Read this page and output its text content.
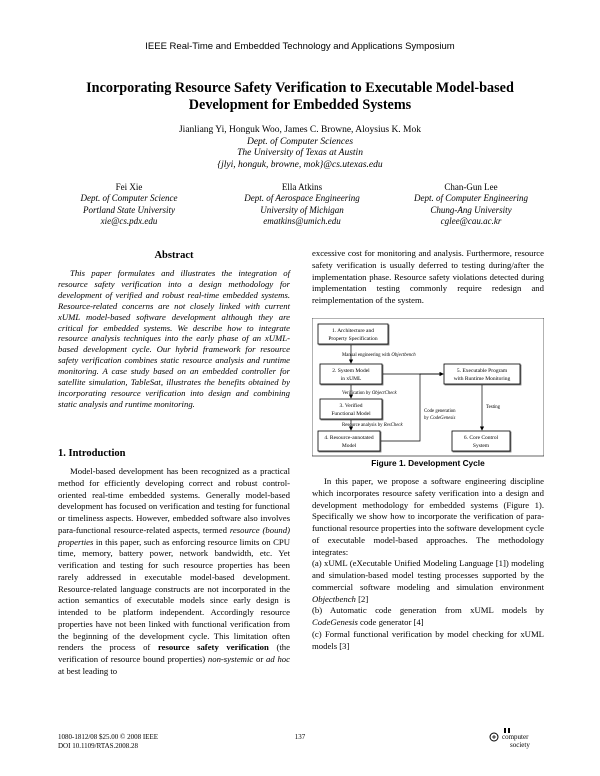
IEEE Real-Time and Embedded Technology and Applications Symposium
Incorporating Resource Safety Verification to Executable Model-based
Development for Embedded Systems
Jianliang Yi, Honguk Woo, James C. Browne, Aloysius K. Mok
Dept. of Computer Sciences
The University of Texas at Austin
{jlyi, honguk, browne, mok}@cs.utexas.edu
Fei Xie
Dept. of Computer Science
Portland State University
xie@cs.pdx.edu
Ella Atkins
Dept. of Aerospace Engineering
University of Michigan
ematkins@umich.edu
Chan-Gun Lee
Dept. of Computer Engineering
Chung-Ang University
cglee@cau.ac.kr
Abstract

This paper formulates and illustrates the integration of resource safety verification into a design methodology for development of verified and robust real-time embedded systems. Resource-related concerns are not closely linked with current xUML model-based software development although they are critical for embedded systems. We describe how to integrate resource analysis techniques into the early phase of an xUML-based development cycle. Our hybrid framework for resource safety verification combines static resource analysis and runtime monitoring. A case study based on an embedded controller for satellite simulation, TableSat, illustrates the benefits obtained by incorporating resource verification into design and combining static analysis and runtime monitoring.

1. Introduction

Model-based development has been recognized as a practical method for efficiently developing correct and robust control-oriented real-time embedded systems. Generally model-based development has focused on verification and testing for functional or timeliness aspects. However, embedded software also involves para-functional resource-related aspects, termed resource (bound) properties in this paper, such as enforcing resource limits on CPU time, memory, battery power, network bandwidth, etc. Yet verification and testing for such resource properties has been rarely addressed in executable model-based development. Resource-related language constructs are not incorporated in the action semantics of executable models since early design is intended to be platform independent. Accordingly resource properties have not been linked with functional verification from the beginning of the development cycle. This limitation often renders the process of resource safety verification (the verification of resource bound properties) non-systemic or ad hoc at best leading to

excessive cost for monitoring and analysis. Furthermore, resource safety verification is usually deferred to testing during/after the implementation phase. Resource safety violations detected during implementation testing commonly require redesign and reimplementation of the system.

1. Architecture and
Property Specification
2. System Model
in xUML
3. Verified
Functional Model
4. Resource-annotated
Model
5. Executable Program
with Runtime Monitoring
6. Core Control
System
Manual engineering with Objectbench
Verification by ObjectCheck
Resource analysis by ResCheck
Code generation
by CodeGenesis
Testing
Figure 1. Development Cycle

In this paper, we propose a software engineering discipline which incorporates resource safety verification into a design and development methodology for embedded systems (Figure 1). Specifically we show how to incorporate the verification of para-functional resource properties into the software development cycle of executable model-based approaches. The methodology integrates:

(a) xUML (eXecutable Unified Modeling Language [1]) modeling and simulation-based model testing processes supported by the commercial software modeling and simulation environment Objectbench [2]

(b) Automatic code generation from xUML models by CodeGenesis code generator [4]

(c) Formal functional verification by model checking for xUML models [3]

1080-1812/08 $25.00 © 2008 IEEE
DOI 10.1109/RTAS.2008.28
137	computer
society
